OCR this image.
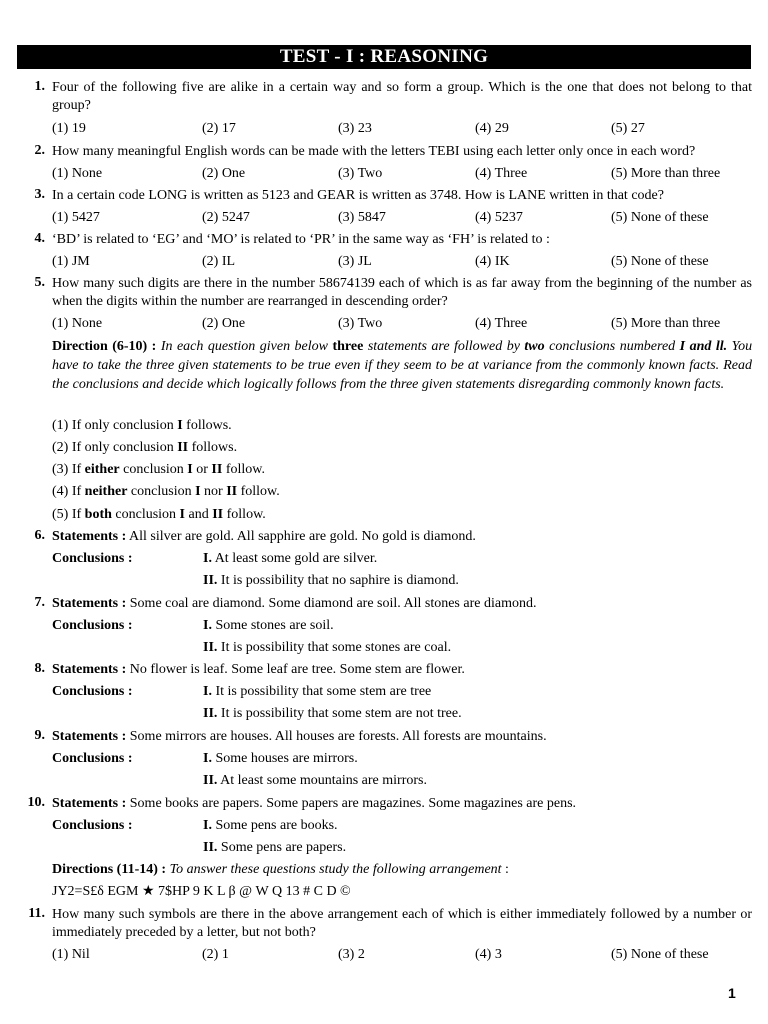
TEST - I : REASONING
1. Four of the following five are alike in a certain way and so form a group. Which is the one that does not belong to that group?
(1) 19	(2) 17	(3) 23	(4) 29	(5) 27
2. How many meaningful English words can be made with the letters TEBI using each letter only once in each word?
(1) None	(2) One	(3) Two	(4) Three	(5) More than three
3. In a certain code LONG is written as 5123 and GEAR is written as 3748. How is LANE written in that code?
(1) 5427	(2) 5247	(3) 5847	(4) 5237	(5) None of these
4. ‘BD’ is related to ‘EG’ and ‘MO’ is related to ‘PR’ in the same way as ‘FH’ is related to :
(1) JM	(2) IL	(3) JL	(4) IK	(5) None of these
5. How many such digits are there in the number 58674139 each of which is as far away from the beginning of the number as when the digits within the number are rearranged in descending order?
(1) None	(2) One	(3) Two	(4) Three	(5) More than three
Direction (6-10) : In each question given below three statements are followed by two conclusions numbered I and ll. You have to take the three given statements to be true even if they seem to be at variance from the commonly known facts. Read the conclusions and decide which logically follows from the three given statements disregarding commonly known facts.
(1) If only conclusion I follows.
(2) If only conclusion II follows.
(3) If either conclusion I or II follow.
(4) If neither conclusion I nor II follow.
(5) If both conclusion I and II follow.
6. Statements : All silver are gold. All sapphire are gold. No gold is diamond.
Conclusions :	I. At least some gold are silver.
II. It is possibility that no saphire is diamond.
7. Statements : Some coal are diamond. Some diamond are soil. All stones are diamond.
Conclusions :	I. Some stones are soil.
II. It is possibility that some stones are coal.
8. Statements : No flower is leaf. Some leaf are tree. Some stem are flower.
Conclusions :	I. It is possibility that some stem are tree
II. It is possibility that some stem are not tree.
9. Statements : Some mirrors are houses. All houses are forests. All forests are mountains.
Conclusions :	I. Some houses are mirrors.
II. At least some mountains are mirrors.
10. Statements : Some books are papers. Some papers are magazines. Some magazines are pens.
Conclusions :	I. Some pens are books.
II. Some pens are papers.
Directions (11-14) : To answer these questions study the following arrangement :
JY2=S£δ EGM ★ 7$HP 9 K L β @ W Q 13 # C D ©
11. How many such symbols are there in the above arrangement each of which is either immediately followed by a number or immediately preceded by a letter, but not both?
(1) Nil	(2) 1	(3) 2	(4) 3	(5) None of these
1
